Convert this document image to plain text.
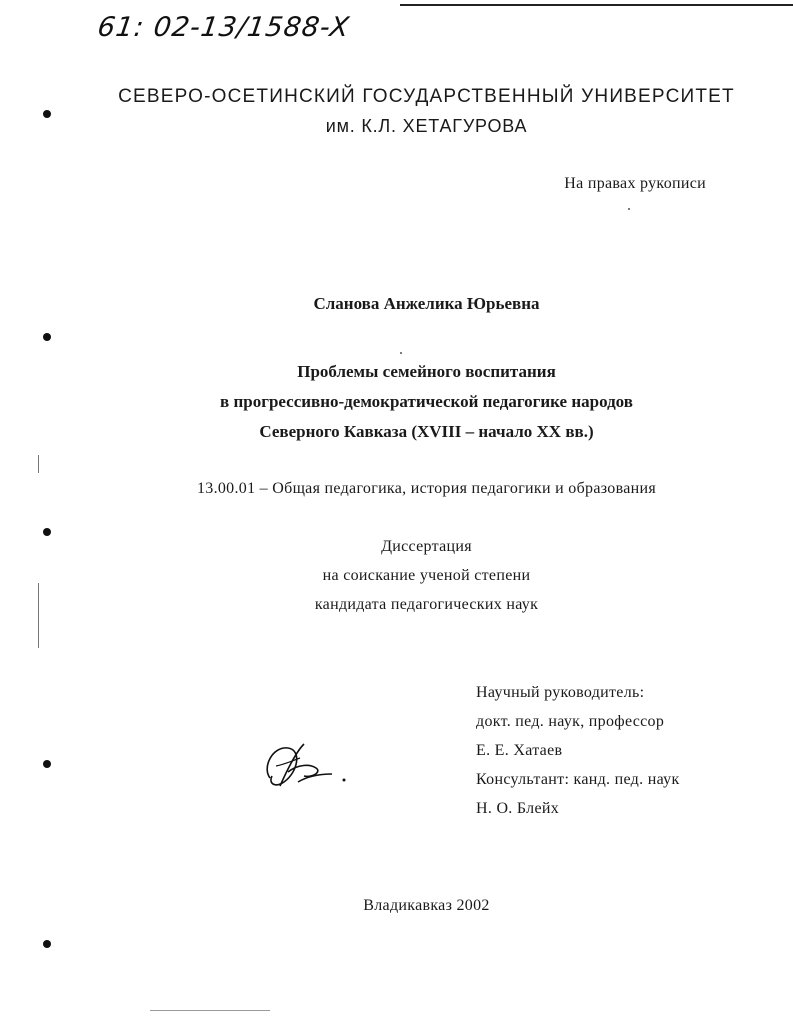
61: 02-13/1588-X
СЕВЕРО-ОСЕТИНСКИЙ ГОСУДАРСТВЕННЫЙ УНИВЕРСИТЕТ
им. К.Л. ХЕТАГУРОВА
На правах рукописи
Сланова Анжелика Юрьевна
Проблемы семейного воспитания
в прогрессивно-демократической педагогике народов
Северного Кавказа (XVIII – начало XX вв.)
13.00.01 – Общая педагогика, история педагогики и образования
Диссертация
на соискание ученой степени
кандидата педагогических наук
Научный руководитель:
докт. пед. наук, профессор
Е. Е. Хатаев
Консультант: канд. пед. наук
Н. О. Блейх
Владикавказ 2002
